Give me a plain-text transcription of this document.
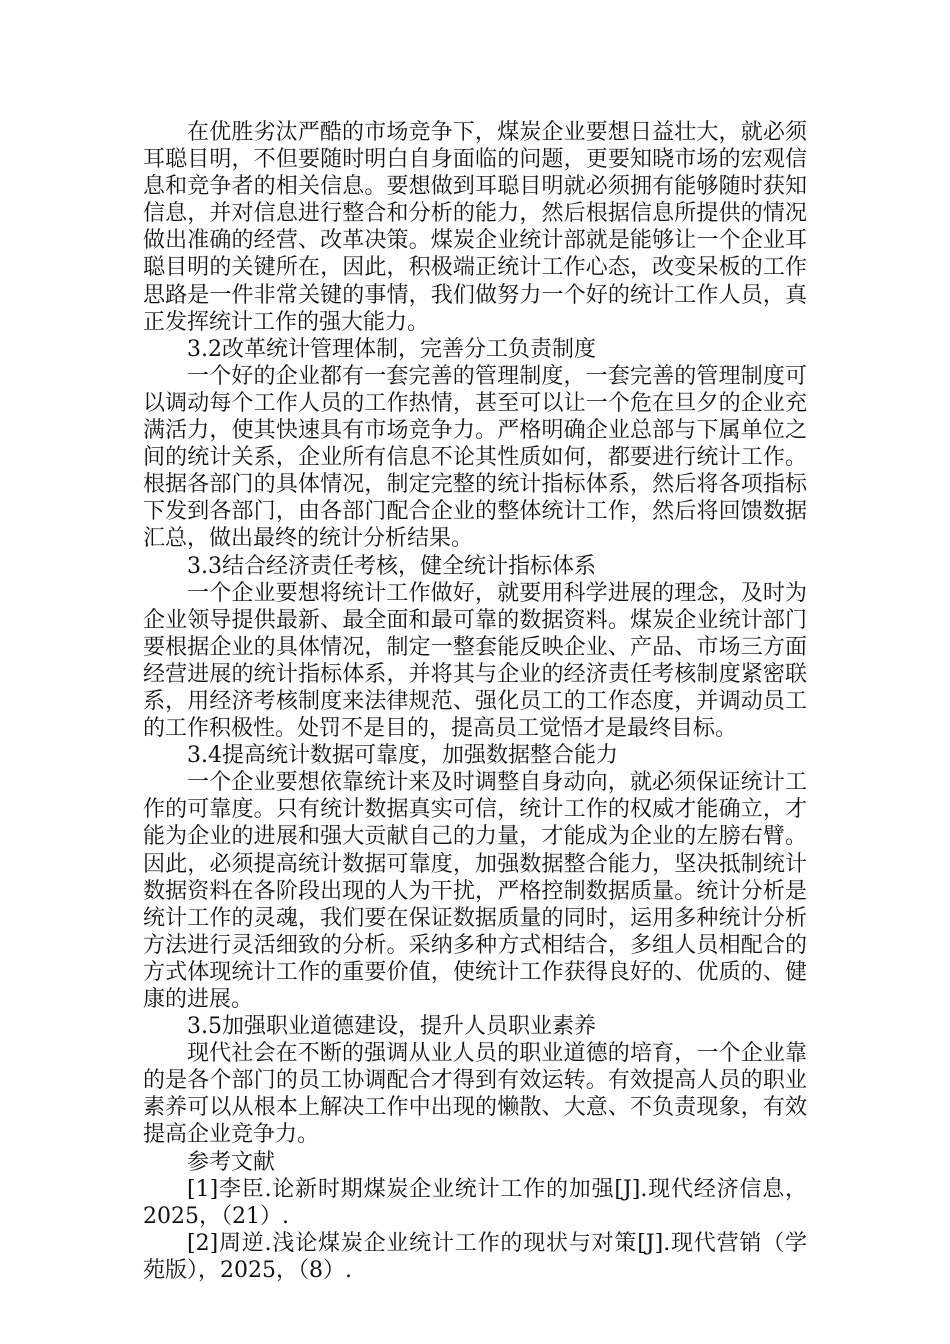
在优胜劣汰严酷的市场竞争下，煤炭企业要想日益壮大，就必须耳聪目明，不但要随时明白自身面临的问题，更要知晓市场的宏观信息和竞争者的相关信息。要想做到耳聪目明就必须拥有能够随时获知信息，并对信息进行整合和分析的能力，然后根据信息所提供的情况做出准确的经营、改革决策。煤炭企业统计部就是能够让一个企业耳聪目明的关键所在，因此，积极端正统计工作心态，改变呆板的工作思路是一件非常关键的事情，我们做努力一个好的统计工作人员，真正发挥统计工作的强大能力。

3.2改革统计管理体制，完善分工负责制度

一个好的企业都有一套完善的管理制度，一套完善的管理制度可以调动每个工作人员的工作热情，甚至可以让一个危在旦夕的企业充满活力，使其快速具有市场竞争力。严格明确企业总部与下属单位之间的统计关系，企业所有信息不论其性质如何，都要进行统计工作。根据各部门的具体情况，制定完整的统计指标体系，然后将各项指标下发到各部门，由各部门配合企业的整体统计工作，然后将回馈数据汇总，做出最终的统计分析结果。

3.3结合经济责任考核，健全统计指标体系

一个企业要想将统计工作做好，就要用科学进展的理念，及时为企业领导提供最新、最全面和最可靠的数据资料。煤炭企业统计部门要根据企业的具体情况，制定一整套能反映企业、产品、市场三方面经营进展的统计指标体系，并将其与企业的经济责任考核制度紧密联系，用经济考核制度来法律规范、强化员工的工作态度，并调动员工的工作积极性。处罚不是目的，提高员工觉悟才是最终目标。

3.4提高统计数据可靠度，加强数据整合能力

一个企业要想依靠统计来及时调整自身动向，就必须保证统计工作的可靠度。只有统计数据真实可信，统计工作的权威才能确立，才能为企业的进展和强大贡献自己的力量，才能成为企业的左膀右臂。因此，必须提高统计数据可靠度，加强数据整合能力，坚决抵制统计数据资料在各阶段出现的人为干扰，严格控制数据质量。统计分析是统计工作的灵魂，我们要在保证数据质量的同时，运用多种统计分析方法进行灵活细致的分析。采纳多种方式相结合，多组人员相配合的方式体现统计工作的重要价值，使统计工作获得良好的、优质的、健康的进展。

3.5加强职业道德建设，提升人员职业素养

现代社会在不断的强调从业人员的职业道德的培育，一个企业靠的是各个部门的员工协调配合才得到有效运转。有效提高人员的职业素养可以从根本上解决工作中出现的懒散、大意、不负责现象，有效提高企业竞争力。

参考文献

[1]李臣.论新时期煤炭企业统计工作的加强[J].现代经济信息，2025，（21）.

[2]周逆.浅论煤炭企业统计工作的现状与对策[J].现代营销（学苑版），2025，（8）.
